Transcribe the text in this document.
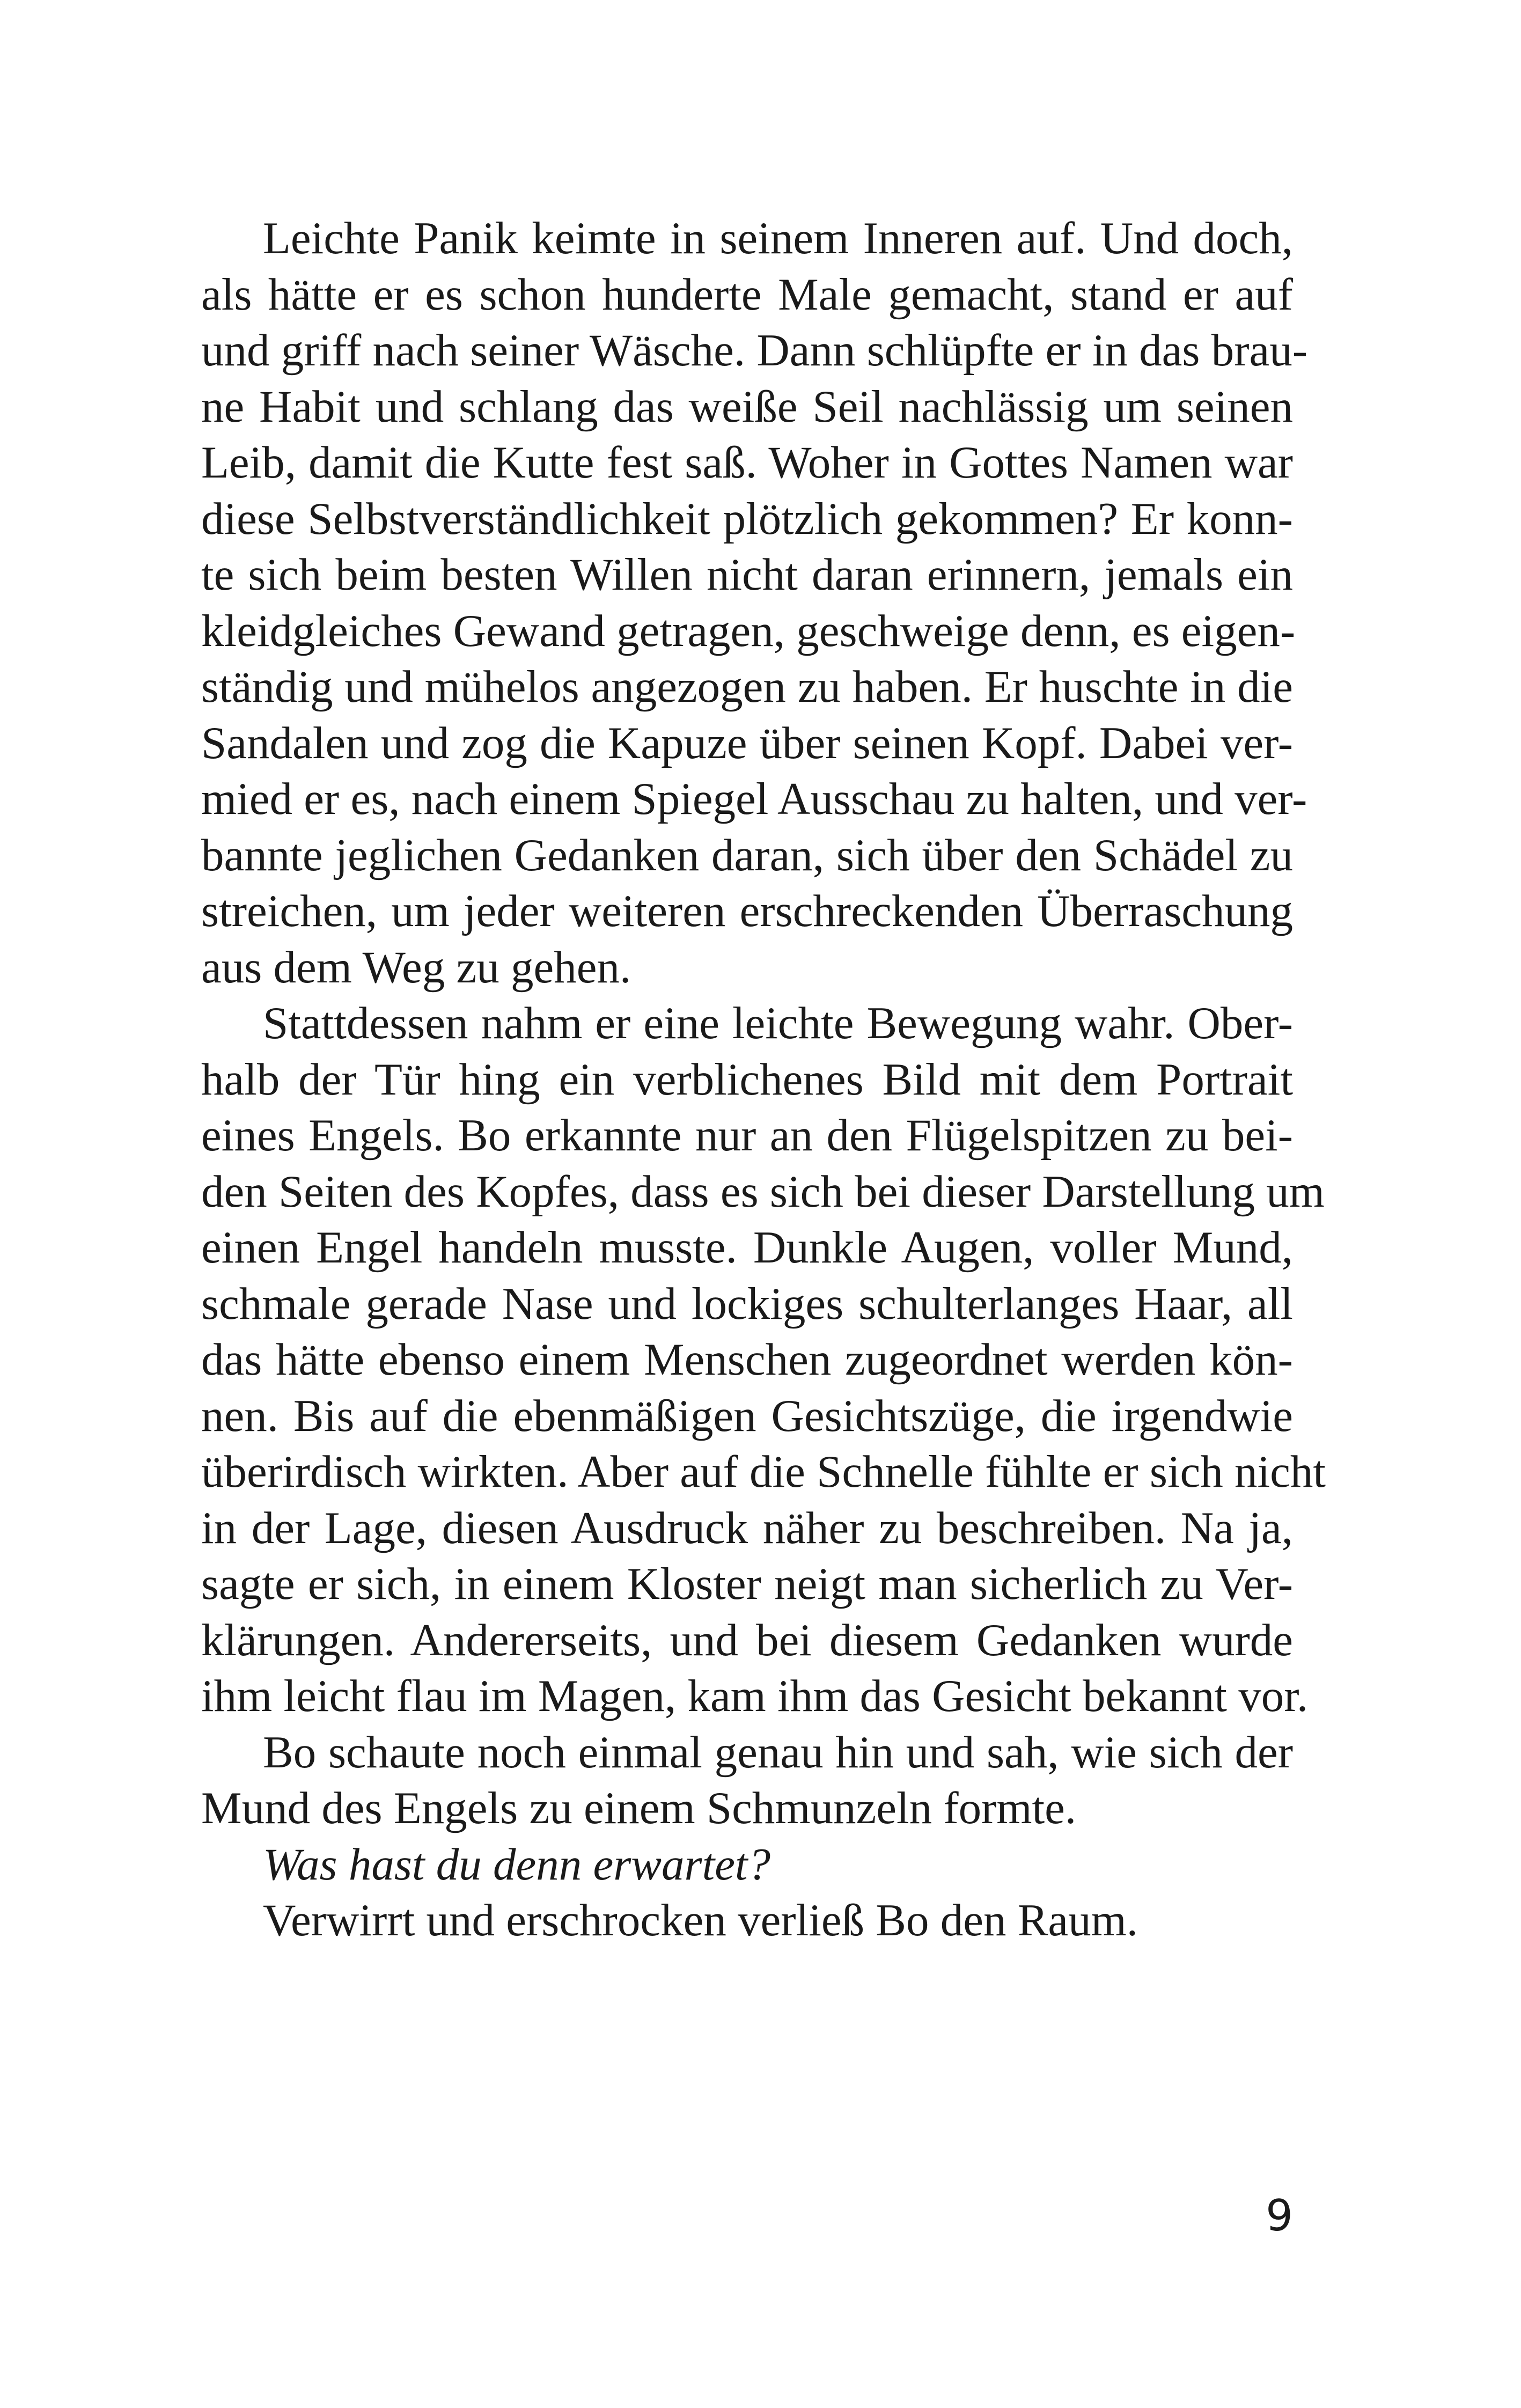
Leichte Panik keimte in seinem Inneren auf. Und doch,
als hätte er es schon hunderte Male gemacht, stand er auf
und griff nach seiner Wäsche. Dann schlüpfte er in das brau-
ne Habit und schlang das weiße Seil nachlässig um seinen
Leib, damit die Kutte fest saß. Woher in Gottes Namen war
diese Selbstverständlichkeit plötzlich gekommen? Er konn-
te sich beim besten Willen nicht daran erinnern, jemals ein
kleidgleiches Gewand getragen, geschweige denn, es eigen-
ständig und mühelos angezogen zu haben. Er huschte in die
Sandalen und zog die Kapuze über seinen Kopf. Dabei ver-
mied er es, nach einem Spiegel Ausschau zu halten, und ver-
bannte jeglichen Gedanken daran, sich über den Schädel zu
streichen, um jeder weiteren erschreckenden Überraschung
aus dem Weg zu gehen.
Stattdessen nahm er eine leichte Bewegung wahr. Ober-
halb der Tür hing ein verblichenes Bild mit dem Portrait
eines Engels. Bo erkannte nur an den Flügelspitzen zu bei-
den Seiten des Kopfes, dass es sich bei dieser Darstellung um
einen Engel handeln musste. Dunkle Augen, voller Mund,
schmale gerade Nase und lockiges schulterlanges Haar, all
das hätte ebenso einem Menschen zugeordnet werden kön-
nen. Bis auf die ebenmäßigen Gesichtszüge, die irgendwie
überirdisch wirkten. Aber auf die Schnelle fühlte er sich nicht
in der Lage, diesen Ausdruck näher zu beschreiben. Na ja,
sagte er sich, in einem Kloster neigt man sicherlich zu Ver-
klärungen. Andererseits, und bei diesem Gedanken wurde
ihm leicht flau im Magen, kam ihm das Gesicht bekannt vor.
Bo schaute noch einmal genau hin und sah, wie sich der
Mund des Engels zu einem Schmunzeln formte.
Was hast du denn erwartet?
Verwirrt und erschrocken verließ Bo den Raum.
9
